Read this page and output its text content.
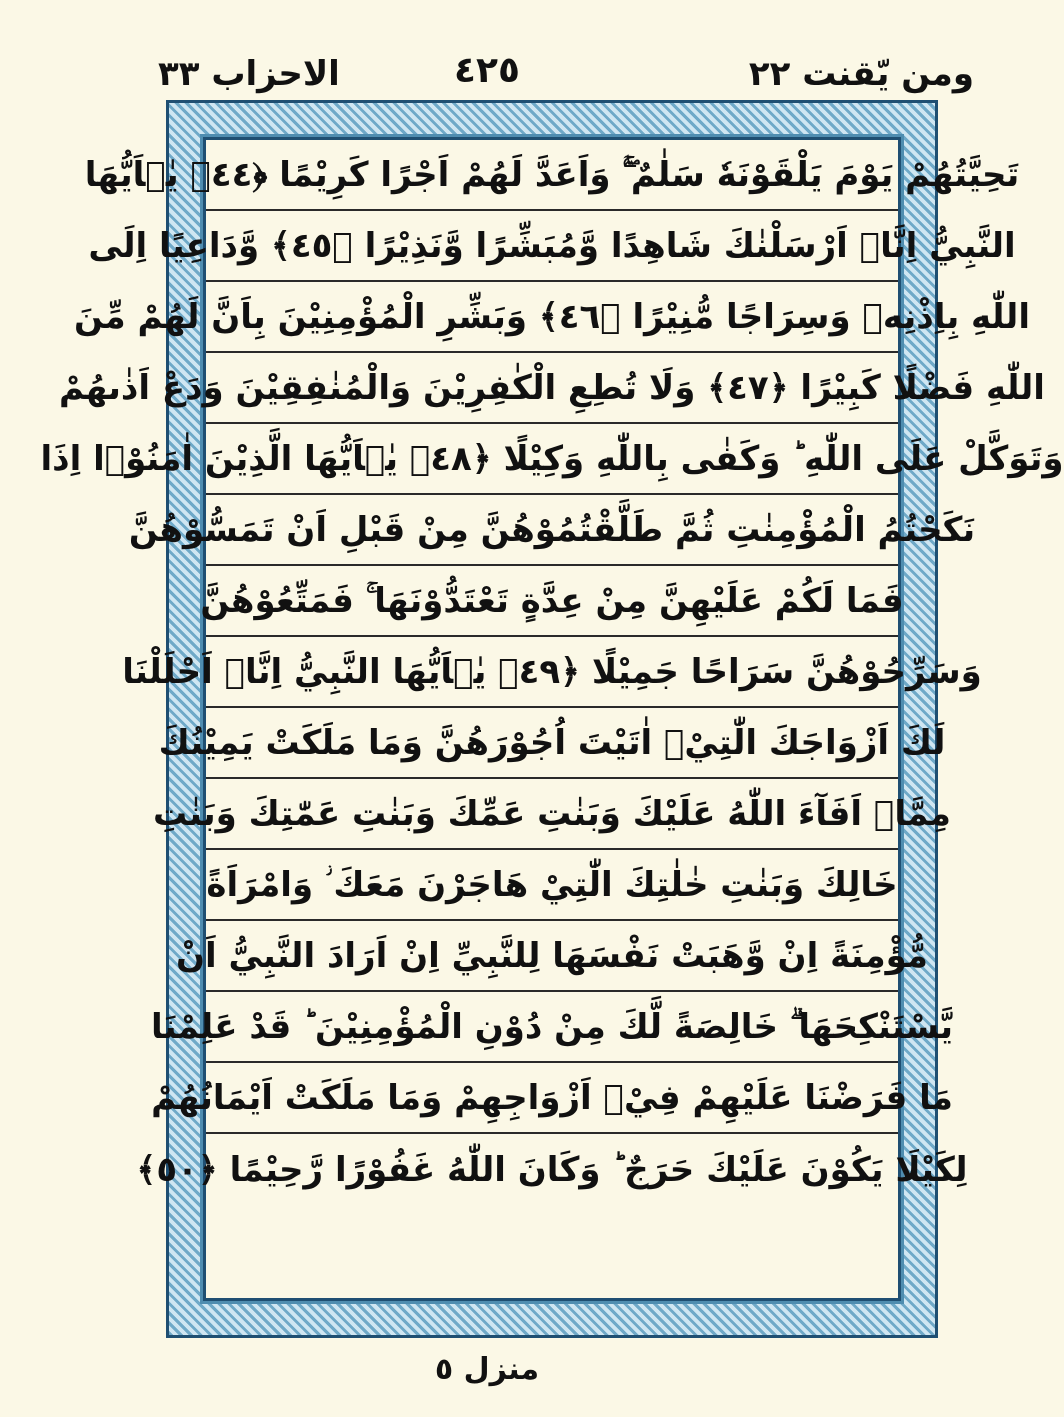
ومن يّقنت ٢٢
٤٢٥
الاحزاب ٣٣
تَحِيَّتُهُمْ يَوْمَ يَلْقَوْنَهٗ سَلٰمٌ ۚۖ وَاَعَدَّ لَهُمْ اَجْرًا كَرِيْمًا ﴿٤٤﴾ يٰۤاَيُّهَا
النَّبِيُّ اِنَّاۤ اَرْسَلْنٰكَ شَاهِدًا وَّمُبَشِّرًا وَّنَذِيْرًا ﴿٤٥﴾ وَّدَاعِيًا اِلَى
اللّٰهِ بِاِذْنِهٖ وَسِرَاجًا مُّنِيْرًا ﴿٤٦﴾ وَبَشِّرِ الْمُؤْمِنِيْنَ بِاَنَّ لَهُمْ مِّنَ
اللّٰهِ فَضْلًا كَبِيْرًا ﴿٤٧﴾ وَلَا تُطِعِ الْكٰفِرِيْنَ وَالْمُنٰفِقِيْنَ وَدَعْ اَذٰىهُمْ
وَتَوَكَّلْ عَلَى اللّٰهِ ؕ وَكَفٰى بِاللّٰهِ وَكِيْلًا ﴿٤٨﴾ يٰۤاَيُّهَا الَّذِيْنَ اٰمَنُوْۤا اِذَا
نَكَحْتُمُ الْمُؤْمِنٰتِ ثُمَّ طَلَّقْتُمُوْهُنَّ مِنْ قَبْلِ اَنْ تَمَسُّوْهُنَّ
فَمَا لَكُمْ عَلَيْهِنَّ مِنْ عِدَّةٍ تَعْتَدُّوْنَهَا ۚ فَمَتِّعُوْهُنَّ
وَسَرِّحُوْهُنَّ سَرَاحًا جَمِيْلًا ﴿٤٩﴾ يٰۤاَيُّهَا النَّبِيُّ اِنَّاۤ اَحْلَلْنَا
لَكَ اَزْوَاجَكَ الّٰتِيْۤ اٰتَيْتَ اُجُوْرَهُنَّ وَمَا مَلَكَتْ يَمِيْنُكَ
مِمَّاۤ اَفَآءَ اللّٰهُ عَلَيْكَ وَبَنٰتِ عَمِّكَ وَبَنٰتِ عَمّٰتِكَ وَبَنٰتِ
خَالِكَ وَبَنٰتِ خٰلٰتِكَ الّٰتِيْ هَاجَرْنَ مَعَكَ ؗ وَامْرَاَةً
مُّؤْمِنَةً اِنْ وَّهَبَتْ نَفْسَهَا لِلنَّبِيِّ اِنْ اَرَادَ النَّبِيُّ اَنْ
يَّسْتَنْكِحَهَا ۗ خَالِصَةً لَّكَ مِنْ دُوْنِ الْمُؤْمِنِيْنَ ؕ قَدْ عَلِمْنَا
مَا فَرَضْنَا عَلَيْهِمْ فِيْۤ اَزْوَاجِهِمْ وَمَا مَلَكَتْ اَيْمَانُهُمْ
لِكَيْلَا يَكُوْنَ عَلَيْكَ حَرَجٌ ؕ وَكَانَ اللّٰهُ غَفُوْرًا رَّحِيْمًا ﴿٥٠﴾
منزل ٥
